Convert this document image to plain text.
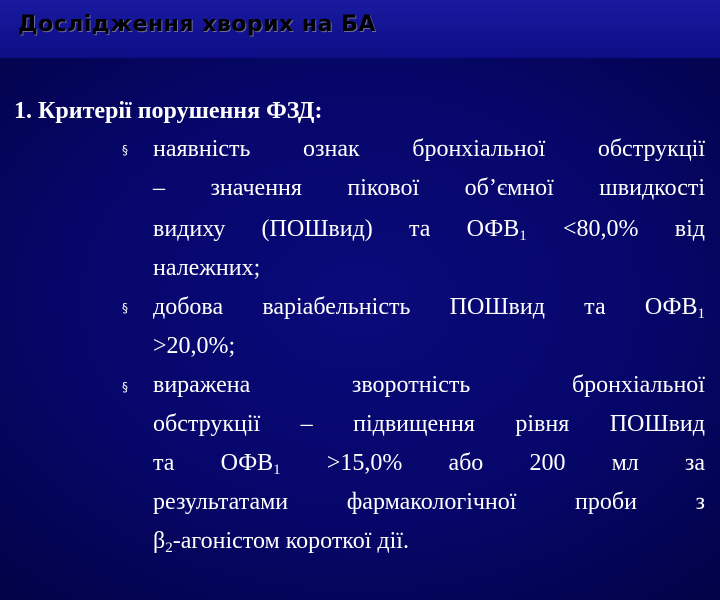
Дослідження хворих на БА
1. Критерії порушення ФЗД:
§	наявність ознак бронхіальної обструкції
– значення пікової об’ємної швидкості
видиху (ПОШвид) та $ОФВ_1 <80,0\%$ від
належних;
§	добова варіабельність ПОШвид та $ОФВ_1$
>20,0%;
§	виражена	зворотність	бронхіальної
обструкції – підвищення рівня ПОШвид
та $ОФВ_1 >15,0\%$ або 200 мл за
результатами фармакологічної проби з
$\beta_2$-агоністом короткої дії.
